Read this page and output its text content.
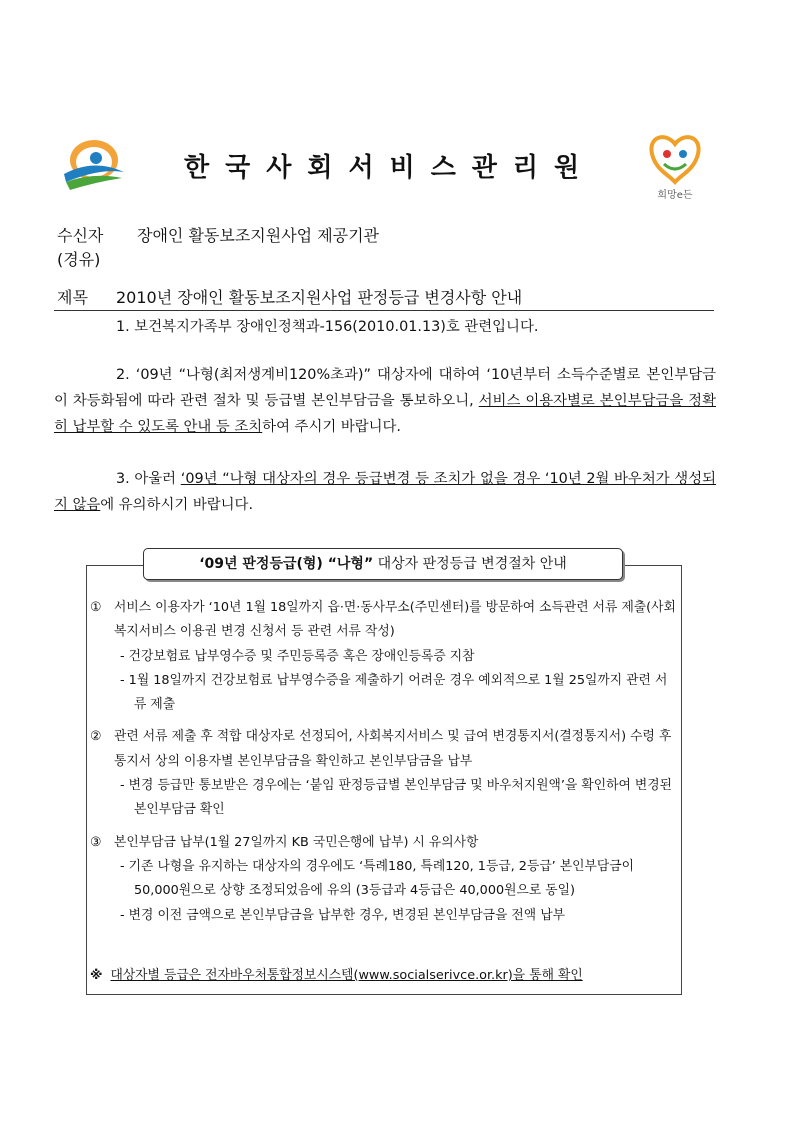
한국사회서비스관리원
희망e든
수신자 장애인 활동보조지원사업 제공기관
(경유)
제목 2010년 장애인 활동보조지원사업 판정등급 변경사항 안내
1. 보건복지가족부 장애인정책과-156(2010.01.13)호 관련입니다.
2. ‘09년 “나형(최저생계비120%초과)” 대상자에 대하여 ‘10년부터 소득수준별로 본인부담금이 차등화됨에 따라 관련 절차 및 등급별 본인부담금을 통보하오니, 서비스 이용자별로 본인부담금을 정확히 납부할 수 있도록 안내 등 조치하여 주시기 바랍니다.
3. 아울러 ‘09년 “나형 대상자의 경우 등급변경 등 조치가 없을 경우 ‘10년 2월 바우처가 생성되지 않음에 유의하시기 바랍니다.
‘09년 판정등급(형) “나형” 대상자 판정등급 변경절차 안내
① 서비스 이용자가 ‘10년 1월 18일까지 읍·면·동사무소(주민센터)를 방문하여 소득관련 서류 제출(사회복지서비스 이용권 변경 신청서 등 관련 서류 작성)
- 건강보험료 납부영수증 및 주민등록증 혹은 장애인등록증 지참
- 1월 18일까지 건강보험료 납부영수증을 제출하기 어려운 경우 예외적으로 1월 25일까지 관련 서류 제출
② 관련 서류 제출 후 적합 대상자로 선정되어, 사회복지서비스 및 급여 변경통지서(결정통지서) 수령 후 통지서 상의 이용자별 본인부담금을 확인하고 본인부담금을 납부
- 변경 등급만 통보받은 경우에는 ‘붙임 판정등급별 본인부담금 및 바우처지원액’을 확인하여 변경된 본인부담금 확인
③ 본인부담금 납부(1월 27일까지 KB 국민은행에 납부) 시 유의사항
- 기존 나형을 유지하는 대상자의 경우에도 ‘특례180, 특례120, 1등급, 2등급’ 본인부담금이 50,000원으로 상향 조정되었음에 유의 (3등급과 4등급은 40,000원으로 동일)
- 변경 이전 금액으로 본인부담금을 납부한 경우, 변경된 본인부담금을 전액 납부
※ 대상자별 등급은 전자바우처통합정보시스템(www.socialserivce.or.kr)을 통해 확인
